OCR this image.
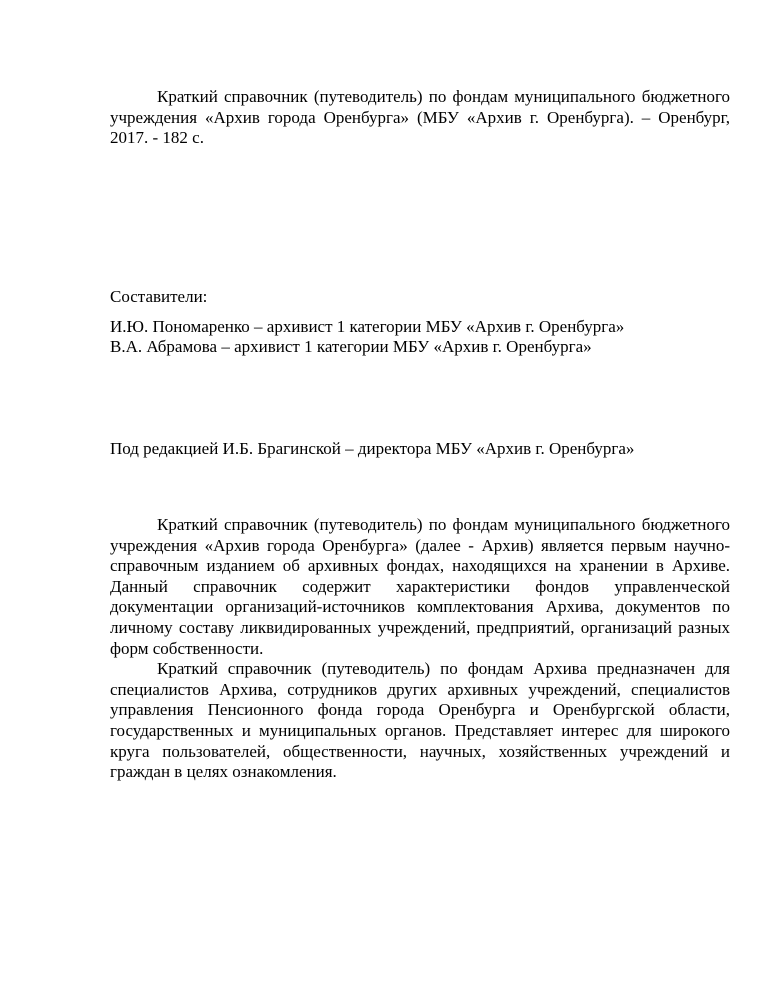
Краткий справочник (путеводитель) по фондам муниципального бюджетного учреждения «Архив города Оренбурга» (МБУ «Архив г. Оренбурга). – Оренбург, 2017. - 182 с.

Составители:
И.Ю. Пономаренко – архивист 1 категории МБУ «Архив г. Оренбурга»
В.А. Абрамова – архивист 1 категории МБУ «Архив г. Оренбурга»
Под редакцией И.Б. Брагинской – директора МБУ «Архив г. Оренбурга»

Краткий справочник (путеводитель) по фондам муниципального бюджетного учреждения «Архив города Оренбурга» (далее - Архив) является первым научно-справочным изданием об архивных фондах, находящихся на хранении в Архиве. Данный справочник содержит характеристики фондов управленческой документации организаций-источников комплектования Архива, документов по личному составу ликвидированных учреждений, предприятий, организаций разных форм собственности.

Краткий справочник (путеводитель) по фондам Архива предназначен для специалистов Архива, сотрудников других архивных учреждений, специалистов управления Пенсионного фонда города Оренбурга и Оренбургской области, государственных и муниципальных органов. Представляет интерес для широкого круга пользователей, общественности, научных, хозяйственных учреждений и граждан в целях ознакомления.
